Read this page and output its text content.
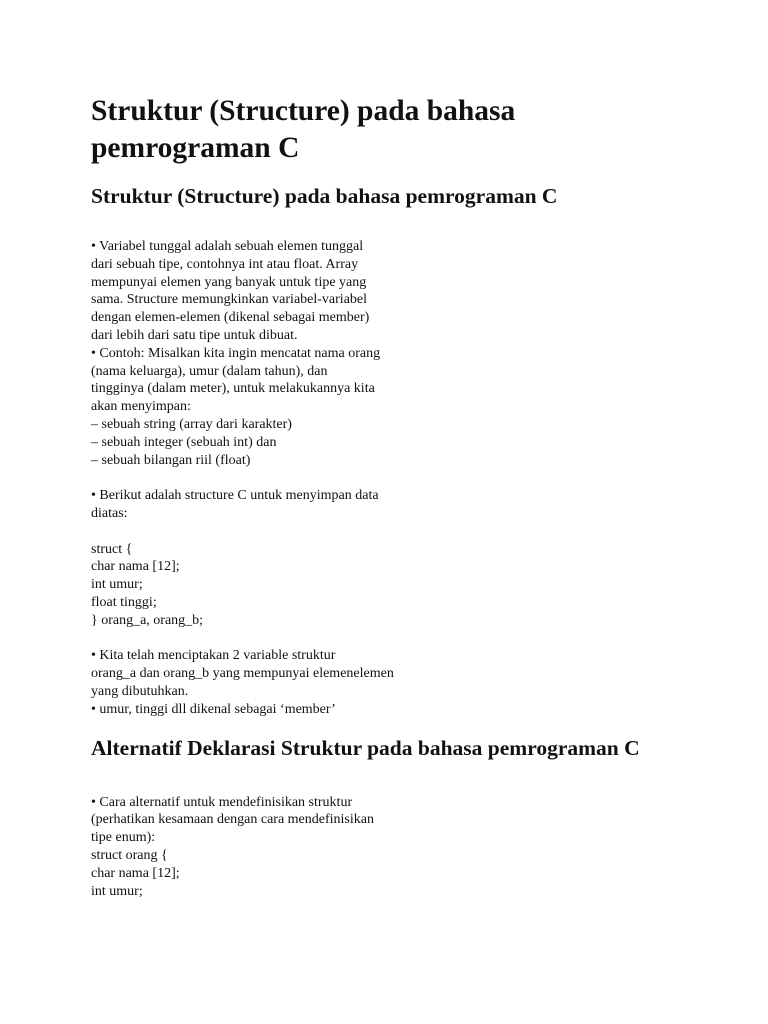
Struktur (Structure) pada bahasa
pemrograman C
Struktur (Structure) pada bahasa pemrograman C
• Variabel tunggal adalah sebuah elemen tunggal
dari sebuah tipe, contohnya int atau float. Array
mempunyai elemen yang banyak untuk tipe yang
sama. Structure memungkinkan variabel-variabel
dengan elemen-elemen (dikenal sebagai member)
dari lebih dari satu tipe untuk dibuat.
• Contoh: Misalkan kita ingin mencatat nama orang
(nama keluarga), umur (dalam tahun), dan
tingginya (dalam meter), untuk melakukannya kita
akan menyimpan:
– sebuah string (array dari karakter)
– sebuah integer (sebuah int) dan
– sebuah bilangan riil (float)
• Berikut adalah structure C untuk menyimpan data
diatas:
struct {
char nama [12];
int umur;
float tinggi;
} orang_a, orang_b;
• Kita telah menciptakan 2 variable struktur
orang_a dan orang_b yang mempunyai elemenelemen
yang dibutuhkan.
• umur, tinggi dll dikenal sebagai ‘member’
Alternatif Deklarasi Struktur pada bahasa pemrograman C
• Cara alternatif untuk mendefinisikan struktur
(perhatikan kesamaan dengan cara mendefinisikan
tipe enum):
struct orang {
char nama [12];
int umur;
